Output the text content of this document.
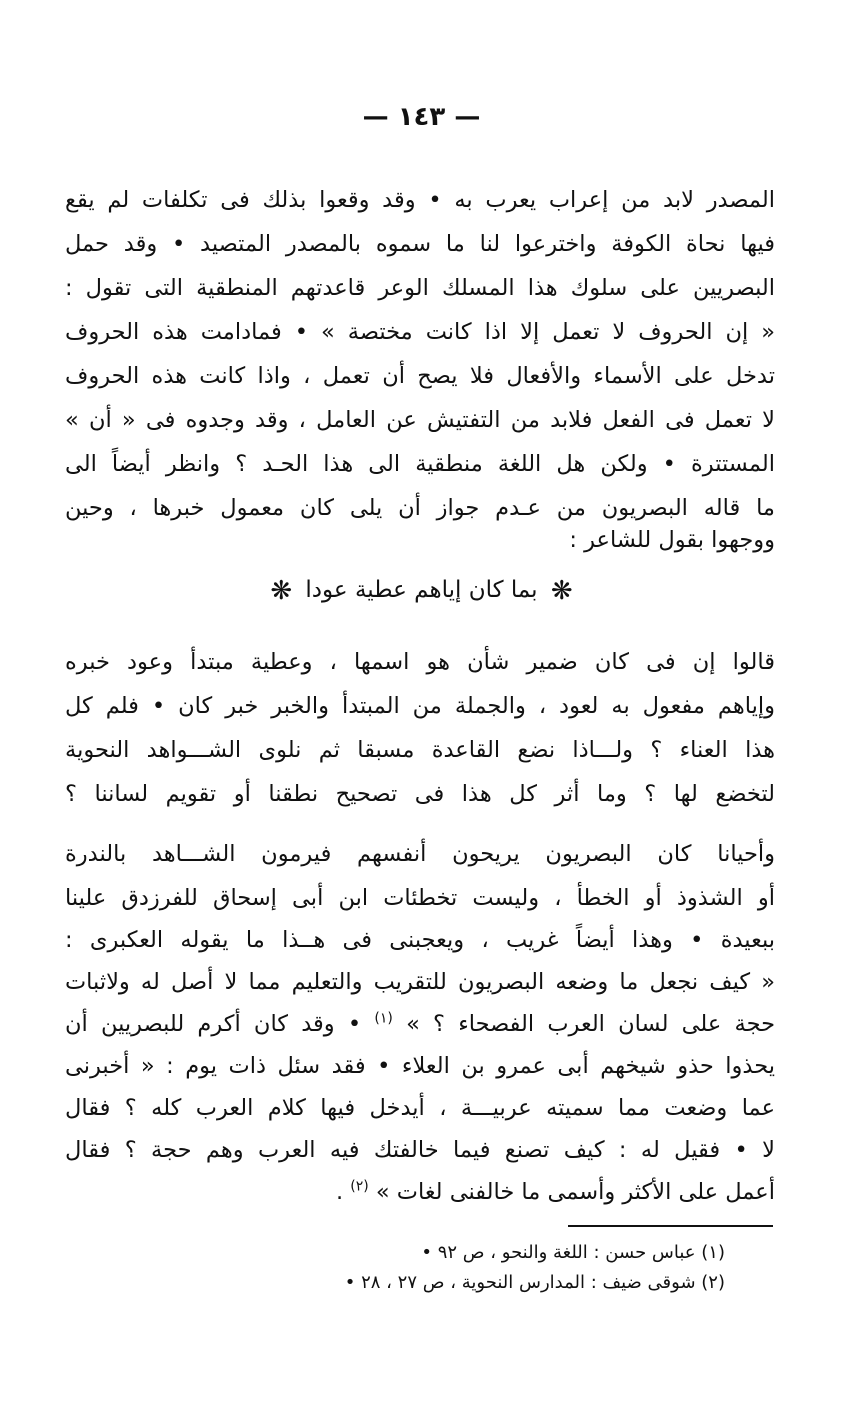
— ١٤٣ —
المصدر لابد من إعراب يعرب به • وقد وقعوا بذلك فى تكلفات لم يقع
فيها نحاة الكوفة واخترعوا لنا ما سموه بالمصدر المتصيد • وقد حمل
البصريين على سلوك هذا المسلك الوعر قاعدتهم المنطقية التى تقول :
« إن الحروف لا تعمل إلا اذا كانت مختصة » • فمادامت هذه الحروف
تدخل على الأسماء والأفعال فلا يصح أن تعمل ، واذا كانت هذه الحروف
لا تعمل فى الفعل فلابد من التفتيش عن العامل ، وقد وجدوه فى « أن »
المستترة • ولكن هل اللغة منطقية الى هذا الحـد ؟ وانظر أيضاً الى
ما قاله البصريون من عـدم جواز أن يلى كان معمول خبرها ، وحين
ووجهوا بقول للشاعر :
❋ بما كان إياهم عطية عودا ❋
قالوا إن فى كان ضمير شأن هو اسمها ، وعطية مبتدأ وعود خبره
وإياهم مفعول به لعود ، والجملة من المبتدأ والخبر خبر كان • فلم كل
هذا العناء ؟ ولـــاذا نضع القاعدة مسبقا ثم نلوى الشـــواهد النحوية
لتخضع لها ؟ وما أثر كل هذا فى تصحيح نطقنا أو تقويم لساننا ؟
وأحيانا كان البصريون يريحون أنفسهم فيرمون الشـــاهد بالندرة
أو الشذوذ أو الخطأ ، وليست تخطئات ابن أبى إسحاق للفرزدق علينا
ببعيدة • وهذا أيضاً غريب ، ويعجبنى فى هــذا ما يقوله العكبرى :
« كيف نجعل ما وضعه البصريون للتقريب والتعليم مما لا أصل له ولاثبات
حجة على لسان العرب الفصحاء ؟ » $^{(١)}$ • وقد كان أكرم للبصريين أن
يحذوا حذو شيخهم أبى عمرو بن العلاء • فقد سئل ذات يوم : « أخبرنى
عما وضعت مما سميته عربيـــة ، أيدخل فيها كلام العرب كله ؟ فقال
لا • فقيل له : كيف تصنع فيما خالفتك فيه العرب وهم حجة ؟ فقال
أعمل على الأكثر وأسمى ما خالفنى لغات » $^{(٢)}$ .
(١) عباس حسن : اللغة والنحو ، ص ٩٢ •
(٢) شوقى ضيف : المدارس النحوية ، ص ٢٧ ، ٢٨ •
